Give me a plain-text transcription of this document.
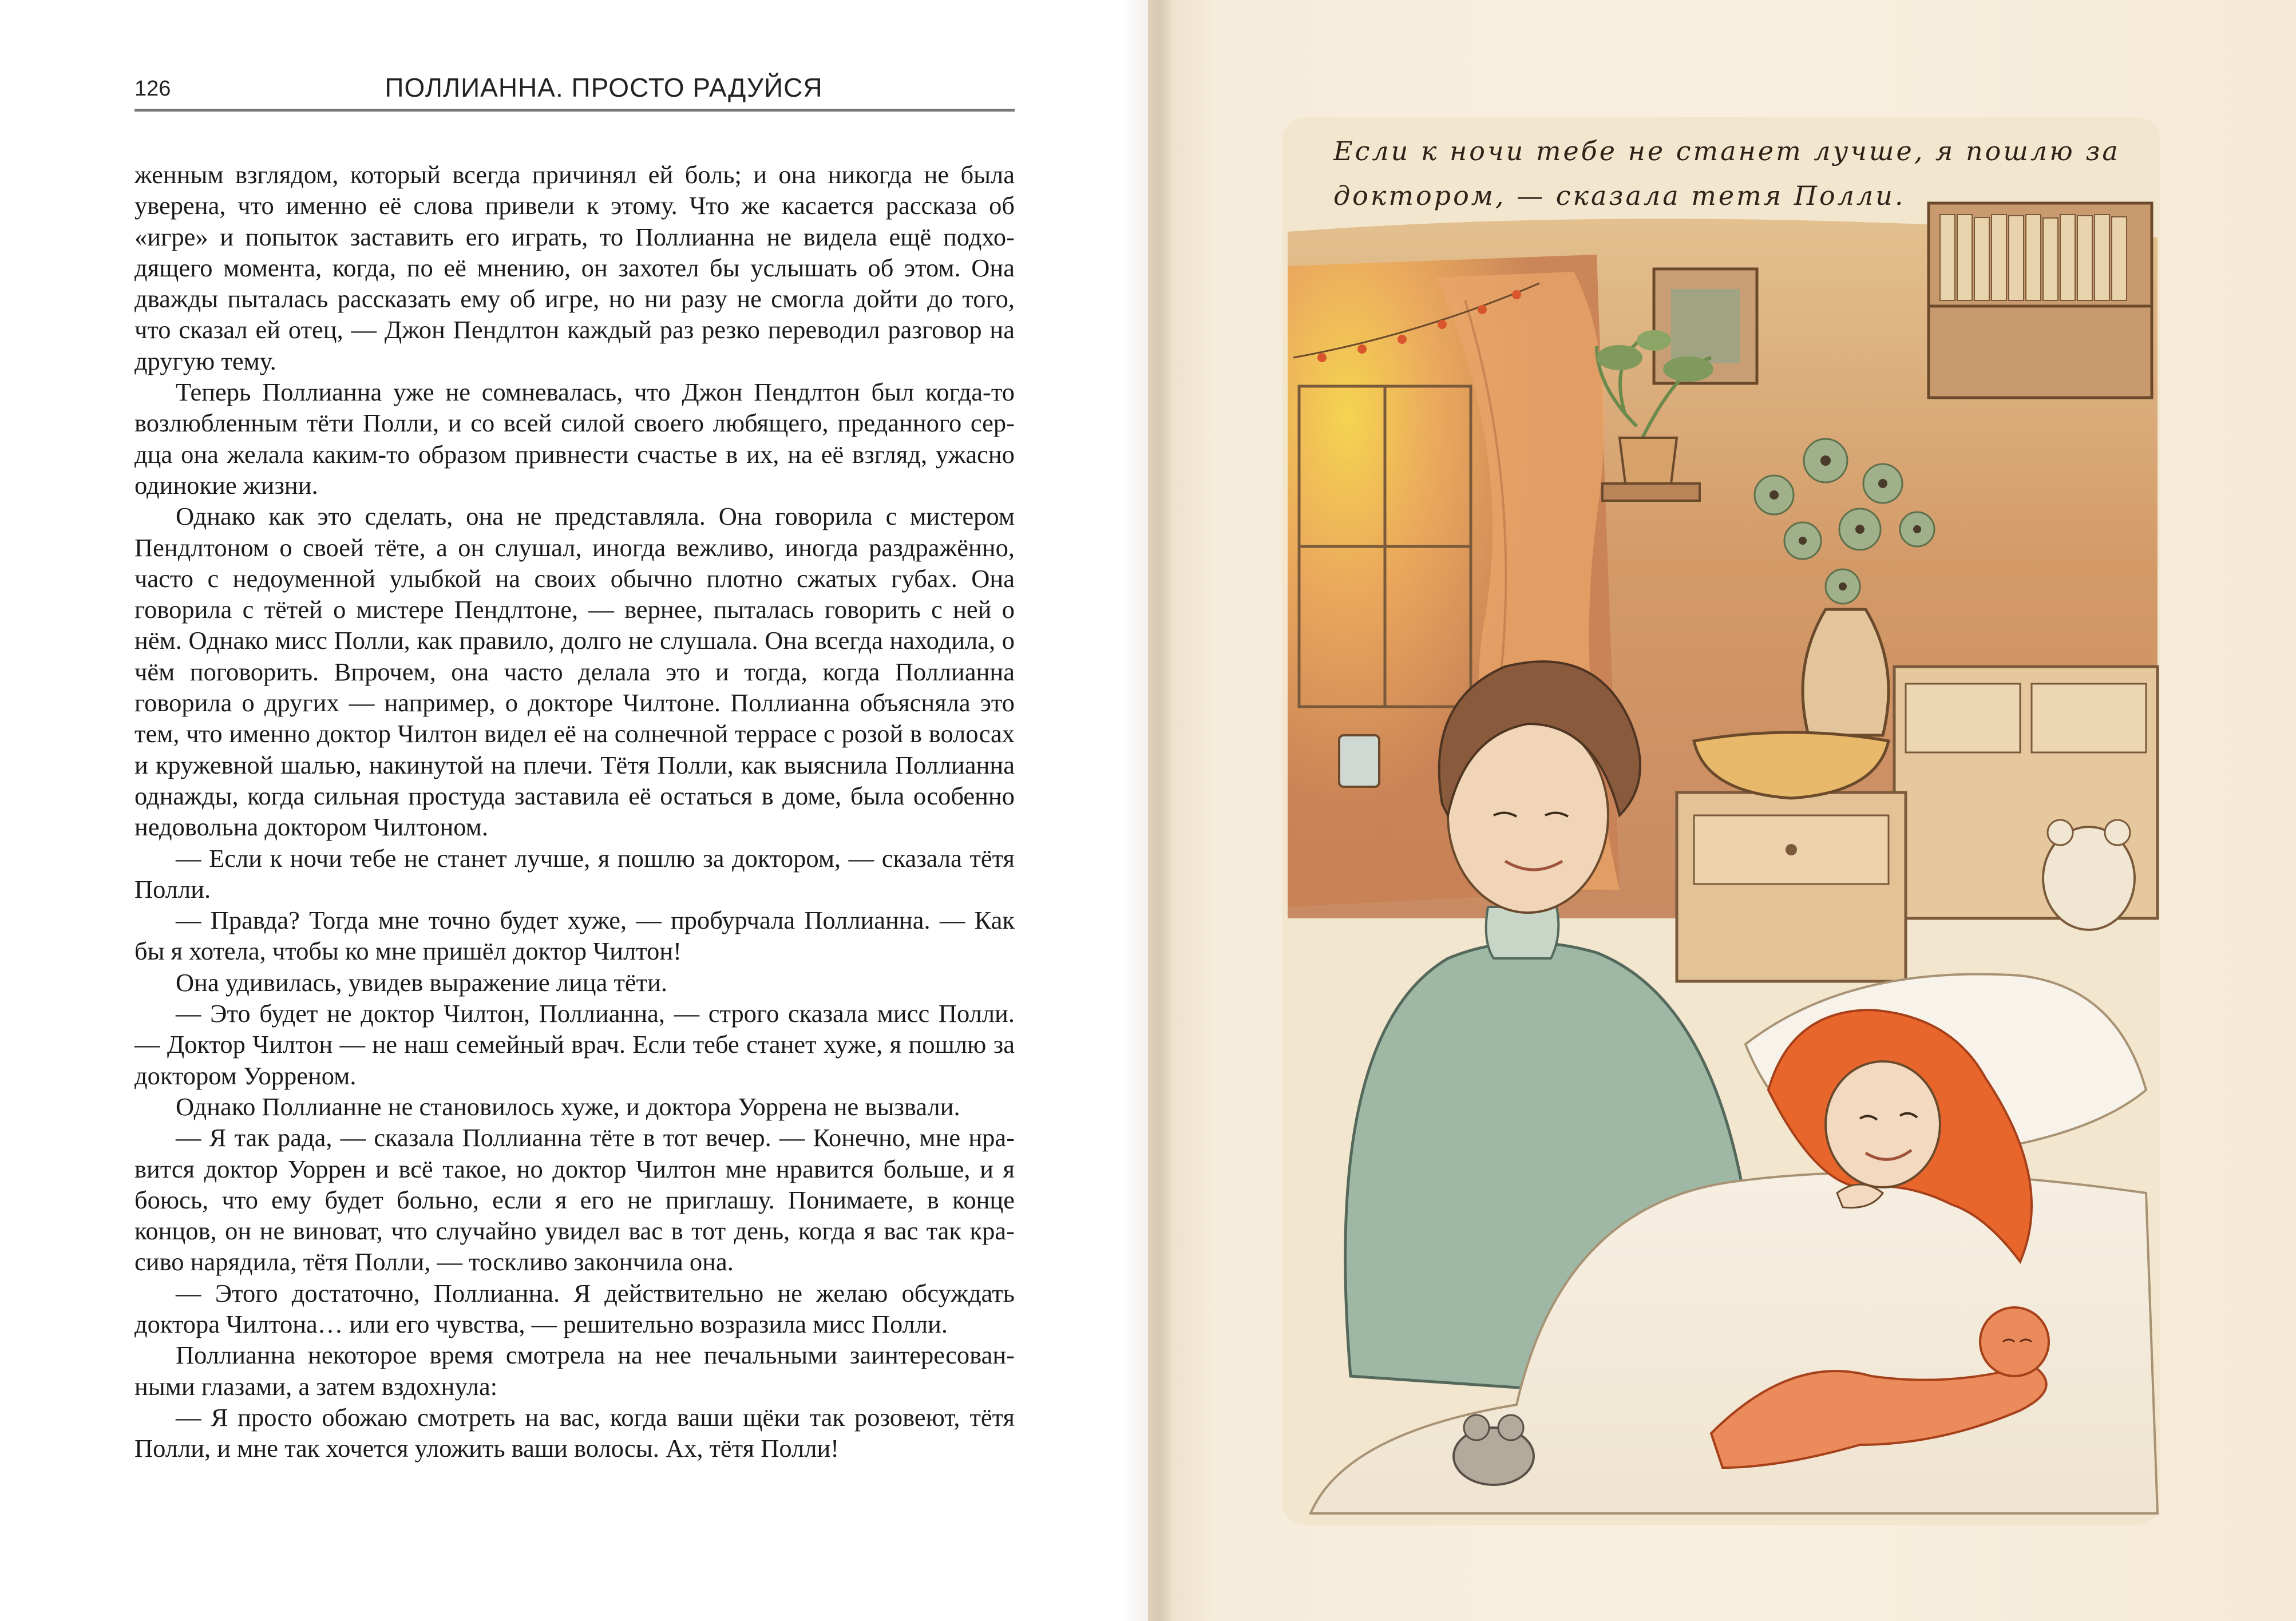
126	ПОЛЛИАННА. ПРОСТО РАДУЙСЯ

женным взглядом, который всегда причинял ей боль; и она никогда не была уверена, что именно её слова привели к этому. Что же касается рассказа об «игре» и попыток заставить его играть, то Поллианна не видела ещё подходящего момента, когда, по её мнению, он захотел бы услышать об этом. Она дважды пыталась рассказать ему об игре, но ни разу не смогла дойти до того, что сказал ей отец, — Джон Пендлтон каждый раз резко переводил разговор на другую тему.

Теперь Поллианна уже не сомневалась, что Джон Пендлтон был когда-то возлюбленным тёти Полли, и со всей силой своего любящего, преданного сердца она желала каким-то образом привнести счастье в их, на её взгляд, ужасно одинокие жизни.

Однако как это сделать, она не представляла. Она говорила с мистером Пендлтоном о своей тёте, а он слушал, иногда вежливо, иногда раздражённо, часто с недоуменной улыбкой на своих обычно плотно сжатых губах. Она говорила с тётей о мистере Пендлтоне, — вернее, пыталась говорить с ней о нём. Однако мисс Полли, как правило, долго не слушала. Она всегда находила, о чём поговорить. Впрочем, она часто делала это и тогда, когда Поллианна говорила о других — например, о докторе Чилтоне. Поллианна объясняла это тем, что именно доктор Чилтон видел её на солнечной террасе с розой в волосах и кружевной шалью, накинутой на плечи. Тётя Полли, как выяснила Поллианна однажды, когда сильная простуда заставила её остаться в доме, была особенно недовольна доктором Чилтоном.

— Если к ночи тебе не станет лучше, я пошлю за доктором, — сказала тётя Полли.

— Правда? Тогда мне точно будет хуже, — пробурчала Поллианна. — Как бы я хотела, чтобы ко мне пришёл доктор Чилтон!

Она удивилась, увидев выражение лица тёти.

— Это будет не доктор Чилтон, Поллианна, — строго сказала мисс Полли. — Доктор Чилтон — не наш семейный врач. Если тебе станет хуже, я пошлю за доктором Уорреном.

Однако Поллианне не становилось хуже, и доктора Уоррена не вызвали.

— Я так рада, — сказала Поллианна тёте в тот вечер. — Конечно, мне нравится доктор Уоррен и всё такое, но доктор Чилтон мне нравится больше, и я боюсь, что ему будет больно, если я его не приглашу. Понимаете, в конце концов, он не виноват, что случайно увидел вас в тот день, когда я вас так красиво нарядила, тётя Полли, — тоскливо закончила она.

— Этого достаточно, Поллианна. Я действительно не желаю обсуждать доктора Чилтона… или его чувства, — решительно возразила мисс Полли.

Поллианна некоторое время смотрела на нее печальными заинтересованными глазами, а затем вздохнула:

— Я просто обожаю смотреть на вас, когда ваши щёки так розовеют, тётя Полли, и мне так хочется уложить ваши волосы. Ах, тётя Полли!

Если к ночи тебе не станет лучше, я пошлю за доктором, — сказала тетя Полли.
